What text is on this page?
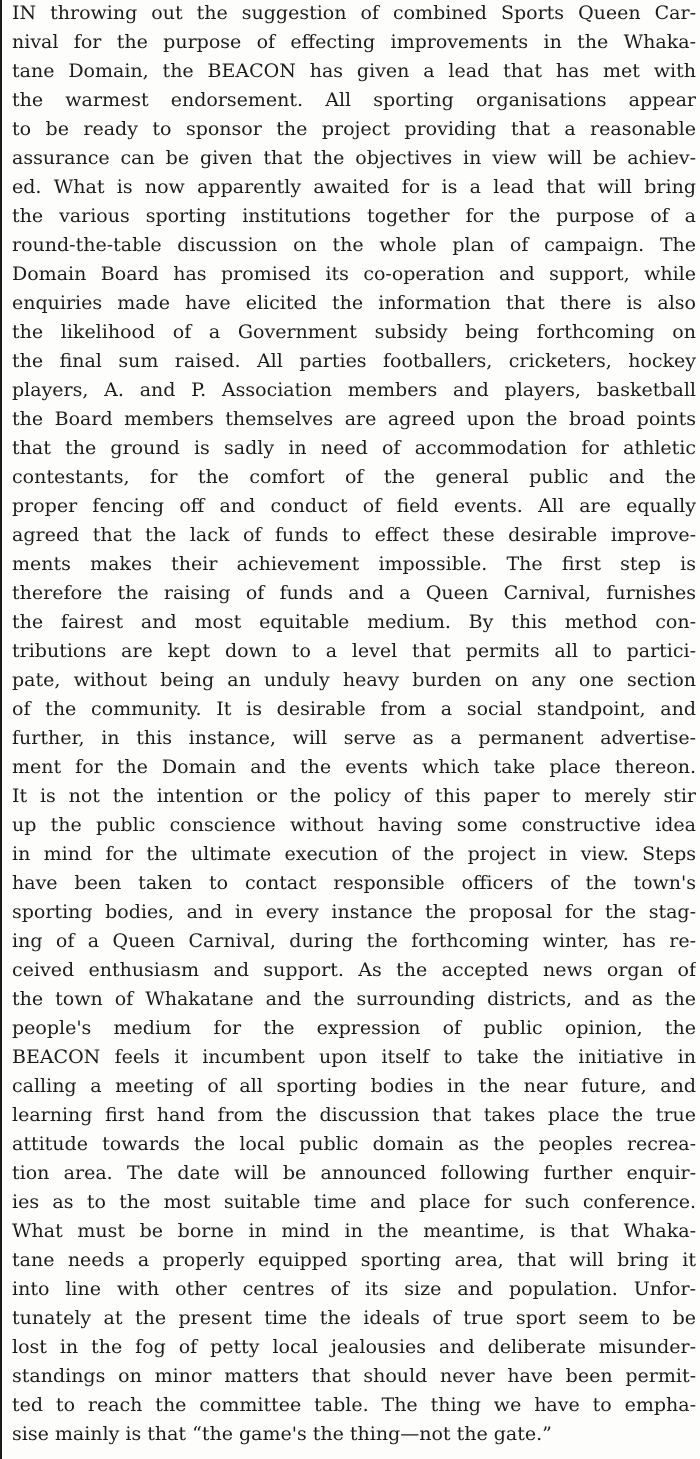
IN throwing out the suggestion of combined Sports Queen Car-
nival for the purpose of effecting improvements in the Whaka-
tane Domain, the BEACON has given a lead that has met with
the warmest endorsement. All sporting organisations appear
to be ready to sponsor the project providing that a reasonable
assurance can be given that the objectives in view will be achiev-
ed. What is now apparently awaited for is a lead that will bring
the various sporting institutions together for the purpose of a
round-the-table discussion on the whole plan of campaign. The
Domain Board has promised its co-operation and support, while
enquiries made have elicited the information that there is also
the likelihood of a Government subsidy being forthcoming on
the final sum raised. All parties footballers, cricketers, hockey
players, A. and P. Association members and players, basketball
the Board members themselves are agreed upon the broad points
that the ground is sadly in need of accommodation for athletic
contestants, for the comfort of the general public and the
proper fencing off and conduct of field events. All are equally
agreed that the lack of funds to effect these desirable improve-
ments makes their achievement impossible. The first step is
therefore the raising of funds and a Queen Carnival, furnishes
the fairest and most equitable medium. By this method con-
tributions are kept down to a level that permits all to partici-
pate, without being an unduly heavy burden on any one section
of the community. It is desirable from a social standpoint, and
further, in this instance, will serve as a permanent advertise-
ment for the Domain and the events which take place thereon.
It is not the intention or the policy of this paper to merely stir
up the public conscience without having some constructive idea
in mind for the ultimate execution of the project in view. Steps
have been taken to contact responsible officers of the town's
sporting bodies, and in every instance the proposal for the stag-
ing of a Queen Carnival, during the forthcoming winter, has re-
ceived enthusiasm and support. As the accepted news organ of
the town of Whakatane and the surrounding districts, and as the
people's medium for the expression of public opinion, the
BEACON feels it incumbent upon itself to take the initiative in
calling a meeting of all sporting bodies in the near future, and
learning first hand from the discussion that takes place the true
attitude towards the local public domain as the peoples recrea-
tion area. The date will be announced following further enquir-
ies as to the most suitable time and place for such conference.
What must be borne in mind in the meantime, is that Whaka-
tane needs a properly equipped sporting area, that will bring it
into line with other centres of its size and population. Unfor-
tunately at the present time the ideals of true sport seem to be
lost in the fog of petty local jealousies and deliberate misunder-
standings on minor matters that should never have been permit-
ted to reach the committee table. The thing we have to empha-
sise mainly is that “the game's the thing—not the gate.”
